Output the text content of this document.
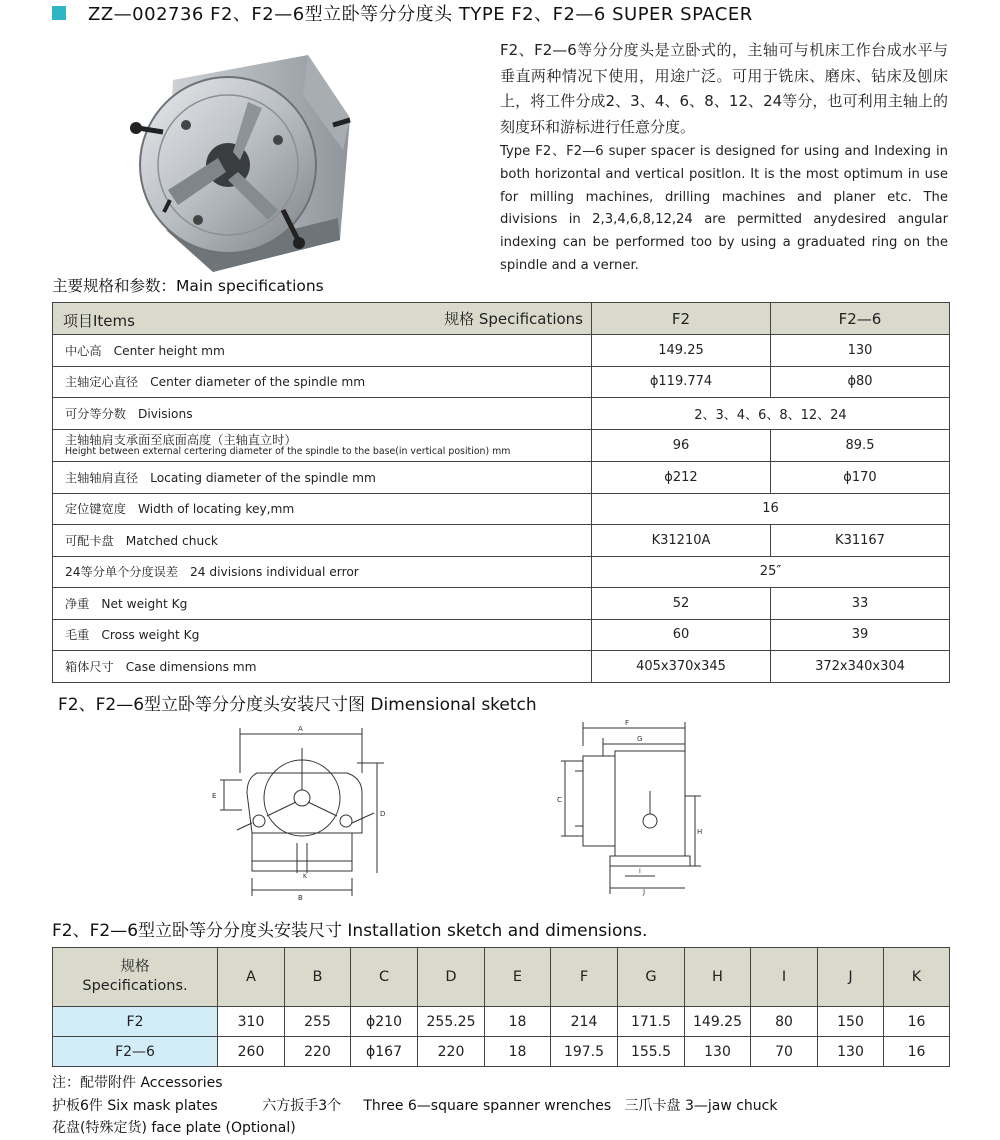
ZZ—002736 F2、F2—6型立卧等分分度头 TYPE F2、F2—6 SUPER SPACER

F2、F2—6等分分度头是立卧式的，主轴可与机床工作台成水平与垂直两种情况下使用，用途广泛。可用于铣床、磨床、钻床及刨床上，将工件分成2、3、4、6、8、12、24等分，也可利用主轴上的刻度环和游标进行任意分度。

Type F2、F2—6 super spacer is designed for using and Indexing in both horizontal and vertical positlon. It is the most optimum in use for milling machines, drilling machines and planer etc. The divisions in 2,3,4,6,8,12,24 are permitted anydesired angular indexing can be performed too by using a graduated ring on the spindle and a verner.

主要规格和参数：Main specifications
项目Items 规格 Specifications	F2	F2—6
中心高 Center height mm	149.25	130
主轴定心直径 Center diameter of the spindle mm	ϕ119.774	ϕ80
可分等分数 Divisions	2、3、4、6、8、12、24	

主轴轴肩支承面至底面高度（主轴直立时）
Height between external certering diameter of the spindle to the base(in vertical position) mm	96	89.5
主轴轴肩直径 Locating diameter of the spindle mm	ϕ212	ϕ170
定位键宽度 Width of locating key,mm	16	
可配卡盘 Matched chuck	K31210A	K31167
24等分单个分度误差 24 divisions individual error	25″	
净重 Net weight Kg	52	33
毛重 Cross weight Kg	60	39
箱体尺寸 Case dimensions mm	405x370x345	372x340x304
F2、F2—6型立卧等分分度头安装尺寸图 Dimensional sketch
A
K
B
D
E
F
G
C
H
I
J
F2、F2—6型立卧等分分度头安装尺寸 Installation sketch and dimensions.
规格
Specifications.	A	B	C	D	E	F	G	H	I	J	K
F2	310	255	ϕ210	255.25	18	214	171.5	149.25	80	150	16
F2—6	260	220	ϕ167	220	18	197.5	155.5	130	70	130	16
注：配带附件 Accessories
护板6件 Six mask plates          六方扳手3个     Three 6—square spanner wrenches   三爪卡盘 3—jaw chuck
花盘(特殊定货) face plate (Optional)
